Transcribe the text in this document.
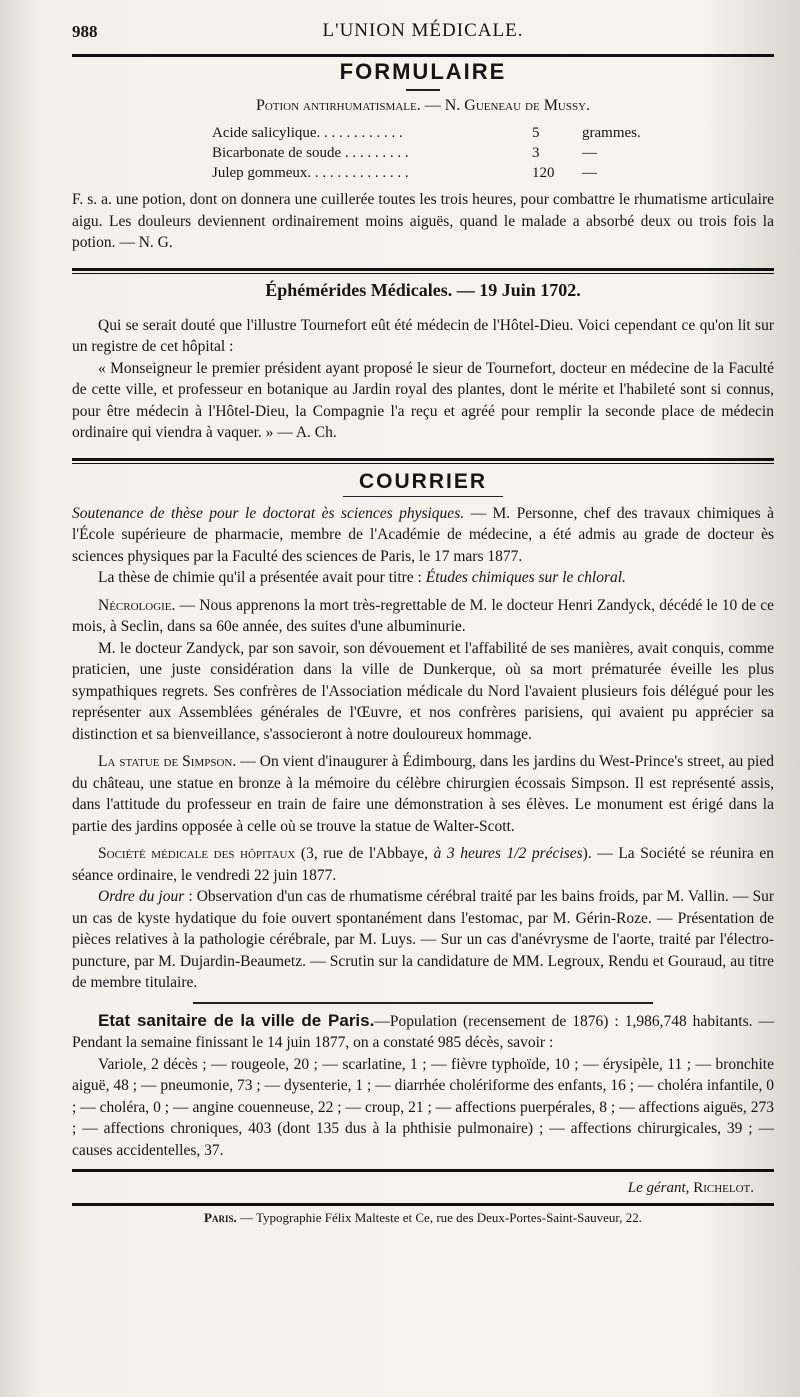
988	L'UNION MÉDICALE.
FORMULAIRE
Potion antirhumatismale. — N. Gueneau de Mussy.
Acide salicylique. . . . . . . . . . . .	5	grammes.
Bicarbonate de soude . . . . . . . . .	3	—
Julep gommeux. . . . . . . . . . . . . .	120	—

F. s. a. une potion, dont on donnera une cuillerée toutes les trois heures, pour combattre le rhumatisme articulaire aigu. Les douleurs deviennent ordinairement moins aiguës, quand le malade a absorbé deux ou trois fois la potion. — N. G.

Éphémérides Médicales. — 19 Juin 1702.

Qui se serait douté que l'illustre Tournefort eût été médecin de l'Hôtel-Dieu. Voici cependant ce qu'on lit sur un registre de cet hôpital :

« Monseigneur le premier président ayant proposé le sieur de Tournefort, docteur en médecine de la Faculté de cette ville, et professeur en botanique au Jardin royal des plantes, dont le mérite et l'habileté sont si connus, pour être médecin à l'Hôtel-Dieu, la Compagnie l'a reçu et agréé pour remplir la seconde place de médecin ordinaire qui viendra à vaquer. » — A. Ch.

COURRIER

Soutenance de thèse pour le doctorat ès sciences physiques. — M. Personne, chef des travaux chimiques à l'École supérieure de pharmacie, membre de l'Académie de médecine, a été admis au grade de docteur ès sciences physiques par la Faculté des sciences de Paris, le 17 mars 1877.

La thèse de chimie qu'il a présentée avait pour titre : Études chimiques sur le chloral.

Nécrologie. — Nous apprenons la mort très-regrettable de M. le docteur Henri Zandyck, décédé le 10 de ce mois, à Seclin, dans sa 60e année, des suites d'une albuminurie.

M. le docteur Zandyck, par son savoir, son dévouement et l'affabilité de ses manières, avait conquis, comme praticien, une juste considération dans la ville de Dunkerque, où sa mort prématurée éveille les plus sympathiques regrets. Ses confrères de l'Association médicale du Nord l'avaient plusieurs fois délégué pour les représenter aux Assemblées générales de l'Œuvre, et nos confrères parisiens, qui avaient pu apprécier sa distinction et sa bienveillance, s'associeront à notre douloureux hommage.

La statue de Simpson. — On vient d'inaugurer à Édimbourg, dans les jardins du West-Prince's street, au pied du château, une statue en bronze à la mémoire du célèbre chirurgien écossais Simpson. Il est représenté assis, dans l'attitude du professeur en train de faire une démonstration à ses élèves. Le monument est érigé dans la partie des jardins opposée à celle où se trouve la statue de Walter-Scott.

Société médicale des hôpitaux (3, rue de l'Abbaye, à 3 heures 1/2 précises). — La Société se réunira en séance ordinaire, le vendredi 22 juin 1877.

Ordre du jour : Observation d'un cas de rhumatisme cérébral traité par les bains froids, par M. Vallin. — Sur un cas de kyste hydatique du foie ouvert spontanément dans l'estomac, par M. Gérin-Roze. — Présentation de pièces relatives à la pathologie cérébrale, par M. Luys. — Sur un cas d'anévrysme de l'aorte, traité par l'électro-puncture, par M. Dujardin-Beaumetz. — Scrutin sur la candidature de MM. Legroux, Rendu et Gouraud, au titre de membre titulaire.

Etat sanitaire de la ville de Paris.—Population (recensement de 1876) : 1,986,748 habitants. — Pendant la semaine finissant le 14 juin 1877, on a constaté 985 décès, savoir :

Variole, 2 décès ; — rougeole, 20 ; — scarlatine, 1 ; — fièvre typhoïde, 10 ; — érysipèle, 11 ; — bronchite aiguë, 48 ; — pneumonie, 73 ; — dysenterie, 1 ; — diarrhée cholériforme des enfants, 16 ; — choléra infantile, 0 ; — choléra, 0 ; — angine couenneuse, 22 ; — croup, 21 ; — affections puerpérales, 8 ; — affections aiguës, 273 ; — affections chroniques, 403 (dont 135 dus à la phthisie pulmonaire) ; — affections chirurgicales, 39 ; — causes accidentelles, 37.

Le gérant, Richelot.
Paris. — Typographie Félix Malteste et Ce, rue des Deux-Portes-Saint-Sauveur, 22.
